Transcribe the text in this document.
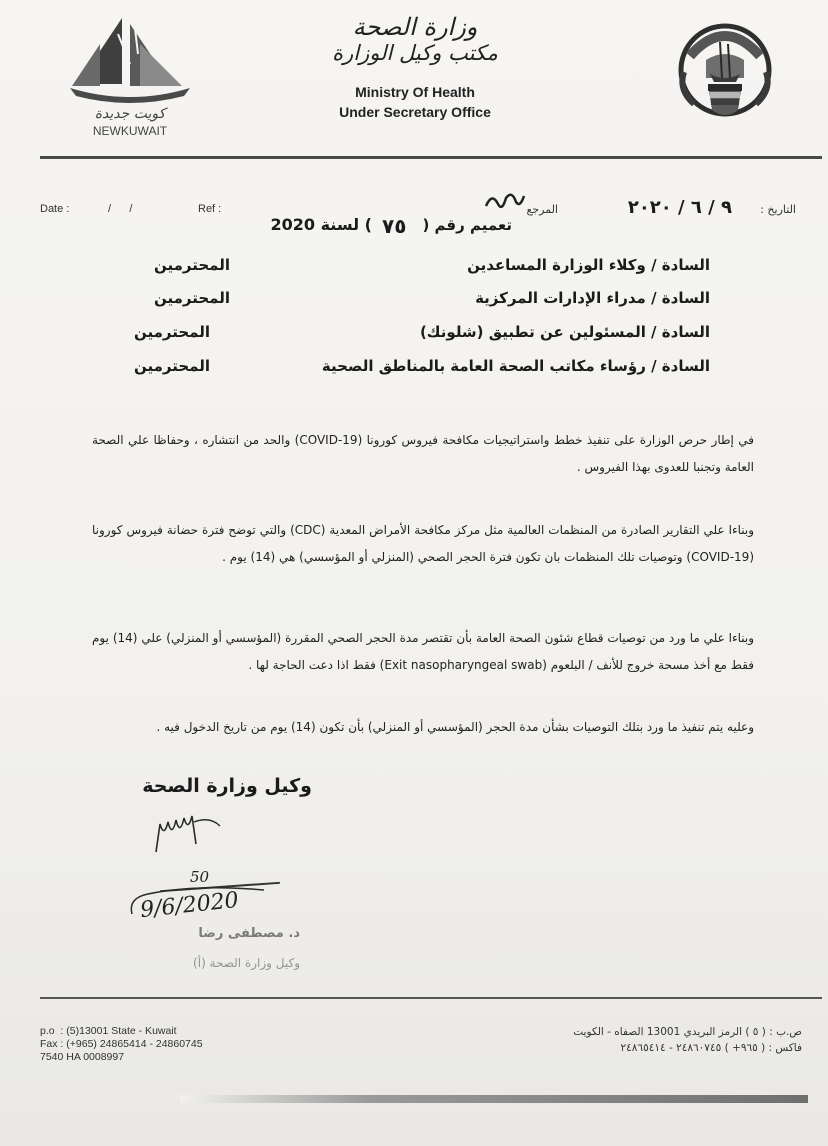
كويت جديدة
NEWKUWAIT
وزارة الصحة
مكتب وكيل الوزارة
Ministry Of Health
Under Secretary Office
Date :	/      /	Ref :	التاريخ :
٩ / ٦ / ٢٠٢٠
المرجع
تعميم رقم (
٧٥
) لسنة 2020
السادة / وكلاء الوزارة المساعدين
المحترمين
السادة / مدراء الإدارات المركزية
المحترمين
السادة / المسئولين عن تطبيق (شلونك)
المحترمين
السادة / رؤساء مكاتب الصحة العامة بالمناطق الصحية
المحترمين
في إطار حرص الوزارة على تنفيذ خطط واستراتيجيات مكافحة فيروس كورونا (COVID-19) والحد من انتشاره ، وحفاظا علي الصحة العامة وتجنبا للعدوى بهذا الفيروس .
وبناءا علي التقارير الصادرة من المنظمات العالمية مثل مركز مكافحة الأمراض المعدية (CDC) والتي توضح فترة حضانة فيروس كورونا (COVID-19) وتوصيات تلك المنظمات بان تكون فترة الحجر الصحي (المنزلي أو المؤسسي) هي (14) يوم .
وبناءا علي ما ورد من توصيات قطاع شئون الصحة العامة بأن تقتصر مدة الحجر الصحي المقررة (المؤسسي أو المنزلي) علي (14) يوم فقط مع أخذ مسحة خروج للأنف / البلعوم (Exit nasopharyngeal swab) فقط اذا دعت الحاجة لها .
وعليه يتم تنفيذ ما ورد بتلك التوصيات بشأن مدة الحجر (المؤسسي أو المنزلي) بأن تكون (14) يوم من تاريخ الدخول فيه .
وكيل وزارة الصحة
50
9/6/2020
د. مصطفى رضا
وكيل وزارة الصحة (أ)
p.o  : (5)13001 State - Kuwait
Fax : (+965) 24865414 - 24860745
7540 HA 0008997
ص.ب : ( ٥ ) الرمز البريدي 13001 الصفاه - الكويت
فاكس : ( ٩٦٥+ ) ٢٤٨٦٠٧٤٥ - ٢٤٨٦٥٤١٤
